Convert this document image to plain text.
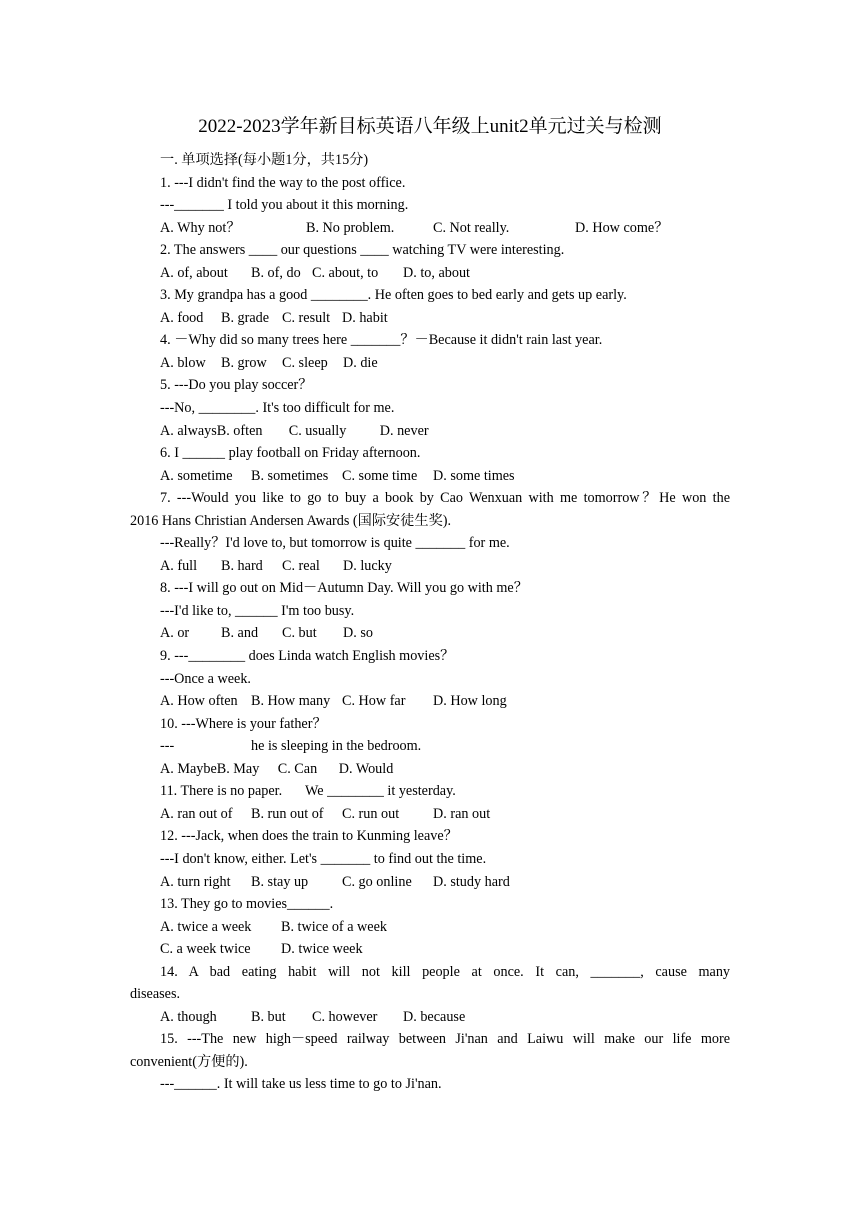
2022-2023学年新目标英语八年级上unit2单元过关与检测
一. 单项选择(每小题1分，共15分)
1. ---I didn't find the way to the post office.
---_______ I told you about it this morning.
A. Why not？	B. No problem.	C. Not really.	D. How come？
2. The answers ____ our questions ____ watching TV were interesting.
A. of, about B. of, do C. about, to D. to, about
3. My grandpa has a good ________. He often goes to bed early and gets up early.
A. food B. grade C. result D. habit
4. －Why did so many trees here _______？－Because it didn't rain last year.
A. blow B. grow C. sleep D. die
5. ---Do you play soccer？
---No, ________. It's too difficult for me.
A. alwaysB. often C. usually D. never
6. I ______ play football on Friday afternoon.
A. sometime B. sometimes C. some time D. some times
7. ---Would you like to go to buy a book by Cao Wenxuan with me tomorrow？He won the
2016 Hans Christian Andersen Awards (国际安徒生奖).
---Really？I'd love to, but tomorrow is quite _______ for me.
A. full B. hard C. real D. lucky
8. ---I will go out on Mid－Autumn Day. Will you go with me？
---I'd like to, ______ I'm too busy.
A. or B. and C. but D. so
9. ---________ does Linda watch English movies？
---Once a week.
A. How often B. How many C. How far D. How long
10. ---Where is your father？
---	he is sleeping in the bedroom.
A. MaybeB. May C. Can D. Would
11. There is no paper. We ________ it yesterday.
A. ran out of B. run out of C. run out D. ran out
12. ---Jack, when does the train to Kunming leave？
---I don't know, either. Let's _______ to find out the time.
A. turn right B. stay up C. go online D. study hard
13. They go to movies______.
A. twice a week B. twice of a week
C. a week twice D. twice week
14. A bad eating habit will not kill people at once. It can, _______, cause many
diseases.
A. though B. but C. however D. because
15. ---The new high－speed railway between Ji'nan and Laiwu will make our life more
convenient(方便的).
---______. It will take us less time to go to Ji'nan.
